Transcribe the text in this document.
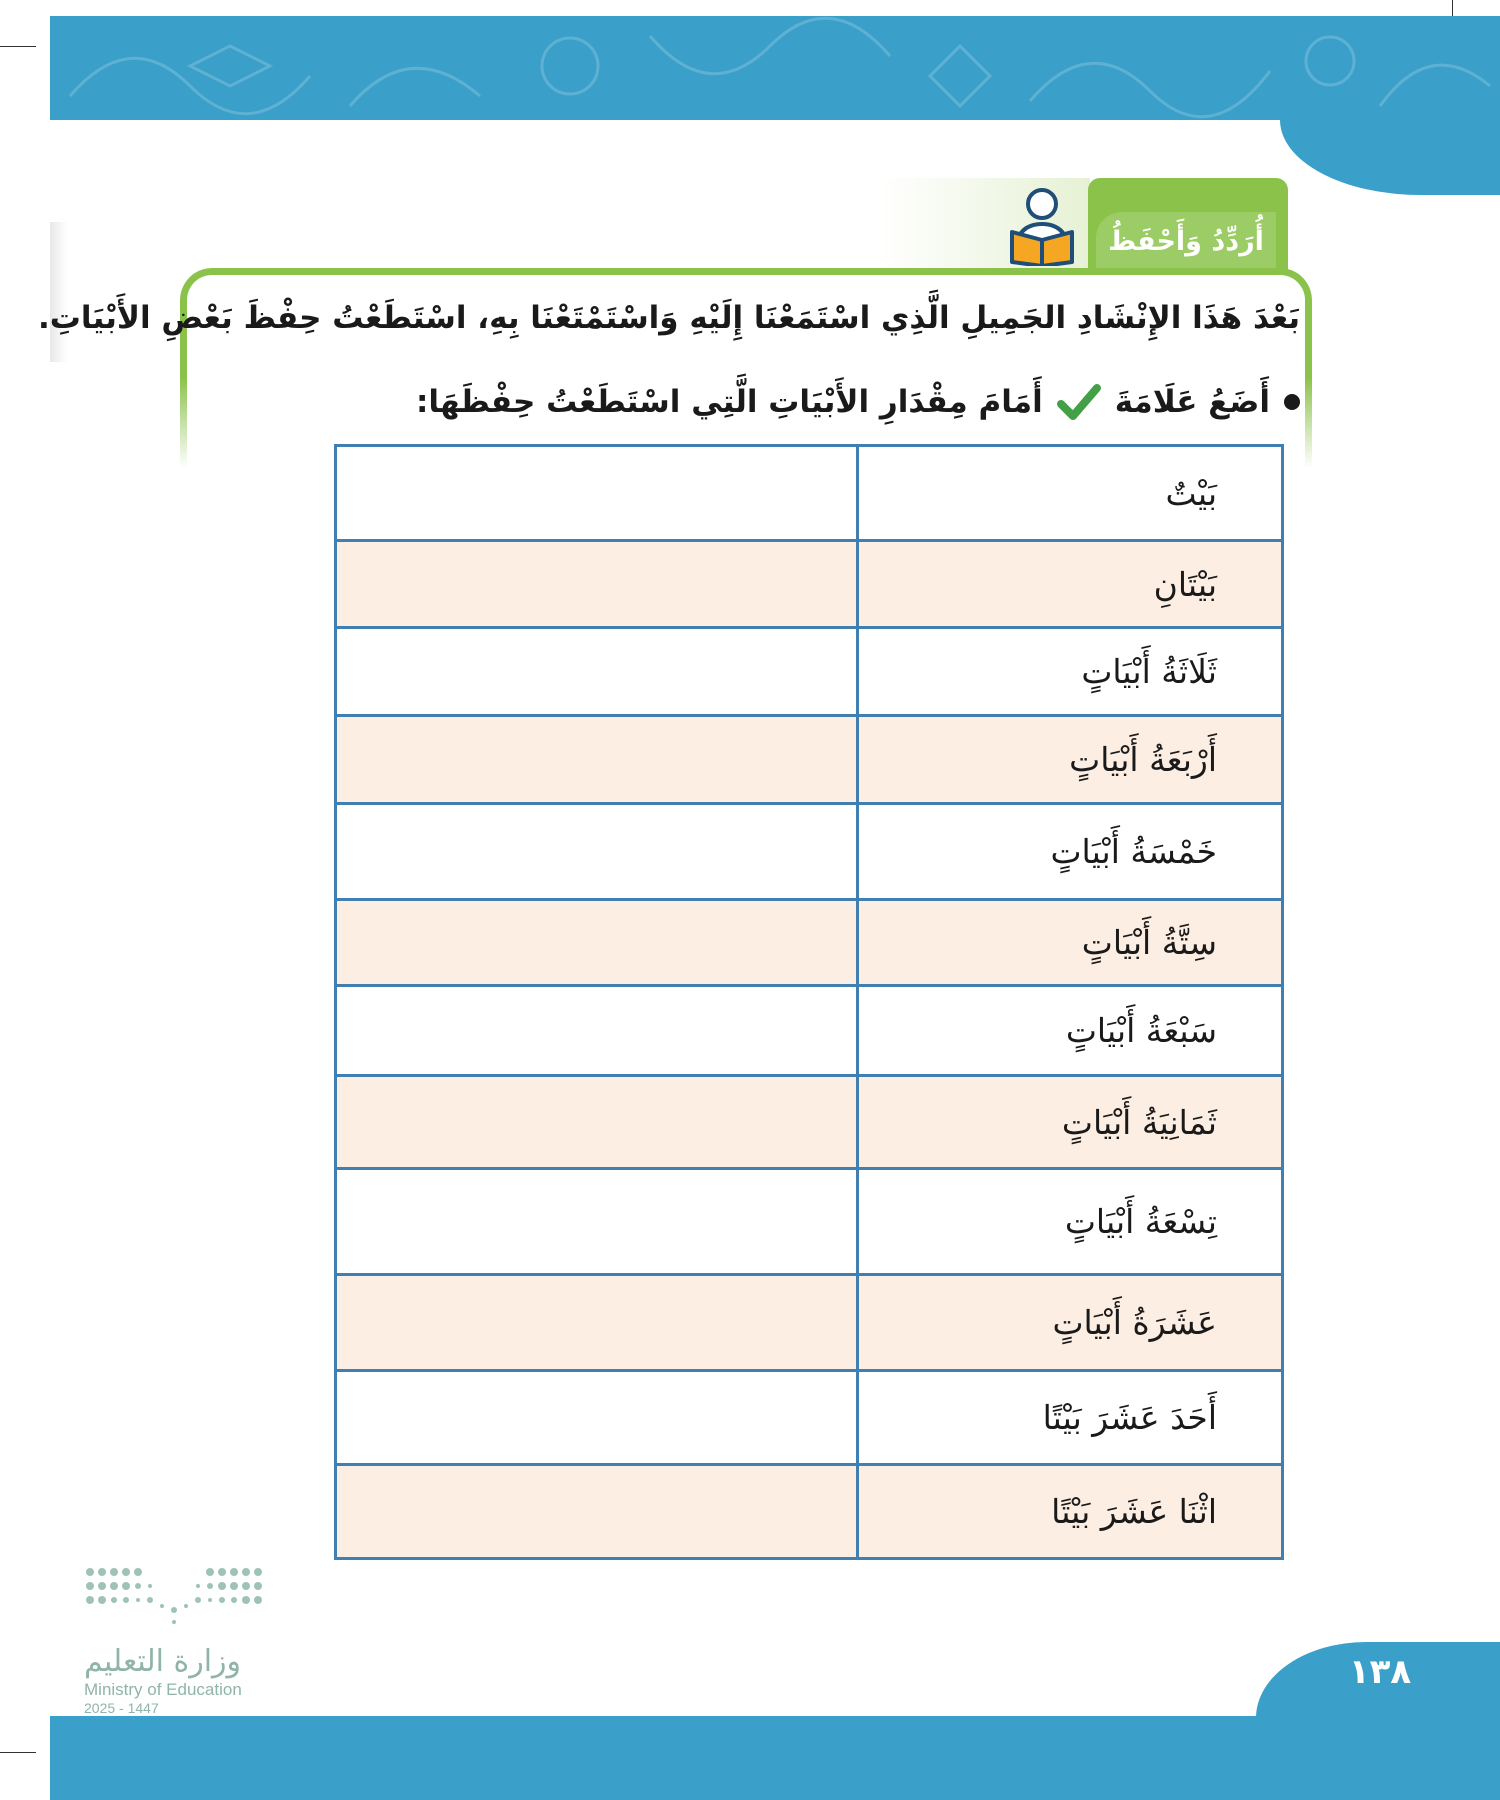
أُرَدِّدُ وَأَحْفَظُ
بَعْدَ هَذَا الإِنْشَادِ الجَمِيلِ الَّذِي اسْتَمَعْنَا إِلَيْهِ وَاسْتَمْتَعْنَا بِهِ، اسْتَطَعْتُ حِفْظَ بَعْضِ الأَبْيَاتِ.
أَضَعُ عَلَامَةَ
أَمَامَ مِقْدَارِ الأَبْيَاتِ الَّتِي اسْتَطَعْتُ حِفْظَهَا:
بَيْتٌ	
بَيْتَانِ	
ثَلَاثَةُ أَبْيَاتٍ	
أَرْبَعَةُ أَبْيَاتٍ	
خَمْسَةُ أَبْيَاتٍ	
سِتَّةُ أَبْيَاتٍ	
سَبْعَةُ أَبْيَاتٍ	
ثَمَانِيَةُ أَبْيَاتٍ	
تِسْعَةُ أَبْيَاتٍ	
عَشَرَةُ أَبْيَاتٍ	
أَحَدَ عَشَرَ بَيْتًا	
اثْنَا عَشَرَ بَيْتًا	
وزارة التعليم
Ministry of Education
2025 - 1447
١٣٨
